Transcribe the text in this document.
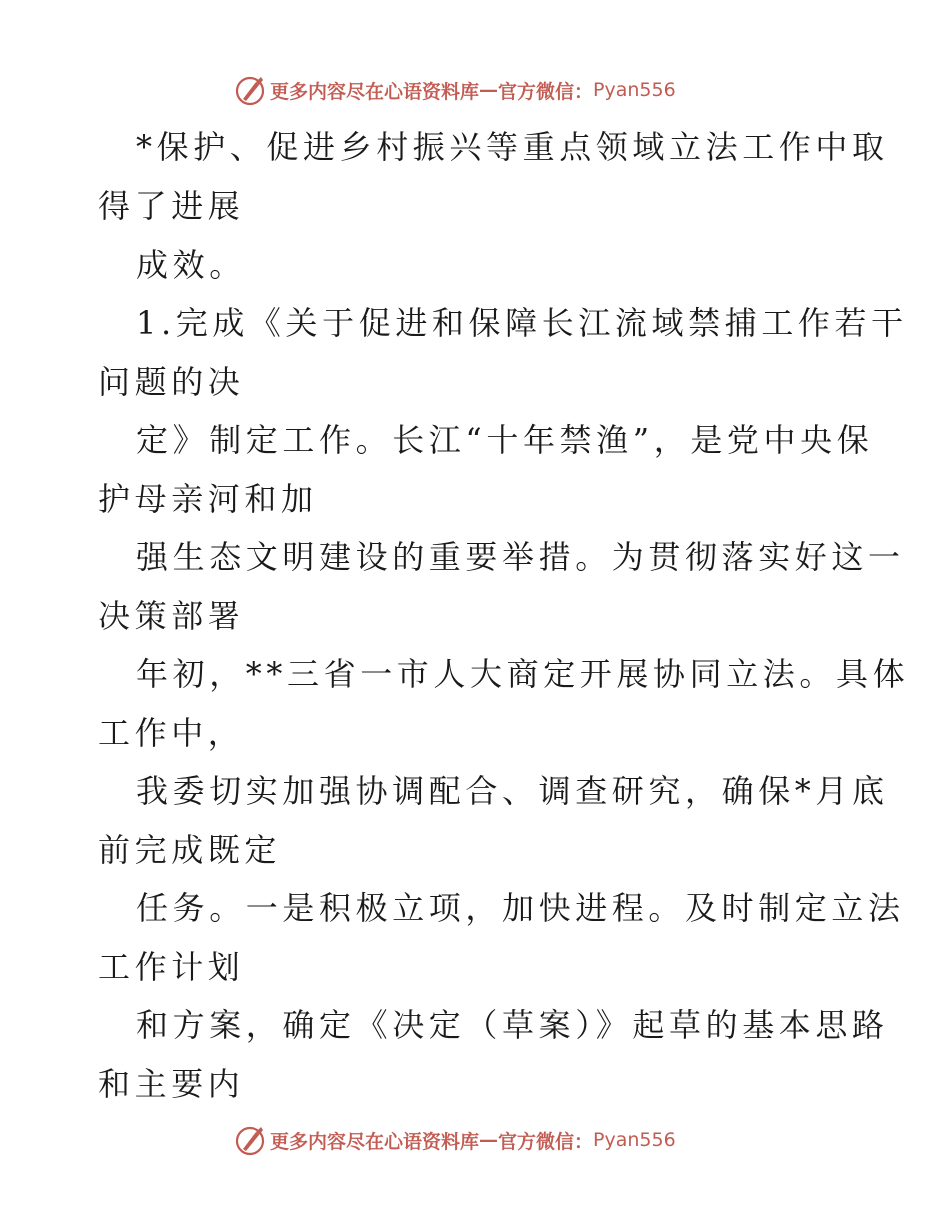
更多内容尽在心语资料库 — 官方微信： Pyan556
*保护、促进乡村振兴等重点领域立法工作中取
得了进展
成效。
1.完成《关于促进和保障长江流域禁捕工作若干
问题的决
定》制定工作。长江“十年禁渔”，是党中央保
护母亲河和加
强生态文明建设的重要举措。为贯彻落实好这一
决策部署
年初，**三省一市人大商定开展协同立法。具体
工作中，
我委切实加强协调配合、调查研究，确保*月底
前完成既定
任务。一是积极立项，加快进程。及时制定立法
工作计划
和方案，确定《决定（草案）》起草的基本思路
和主要内
更多内容尽在心语资料库 — 官方微信： Pyan556
